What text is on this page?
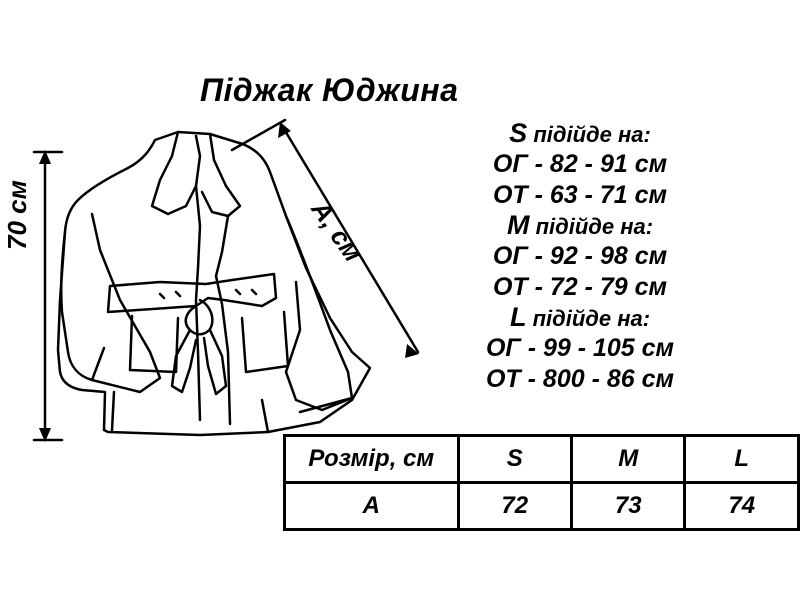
Піджак Юджина
70 см	А, см
S підійде на:
ОГ - 82 - 91 см
ОТ - 63 - 71 см
M підійде на:
ОГ - 92 - 98 см
ОТ - 72 - 79 см
L підійде на:
ОГ - 99 - 105 см
ОТ - 800 - 86 см
Розмір, см	S	M	L
А	72	73	74
